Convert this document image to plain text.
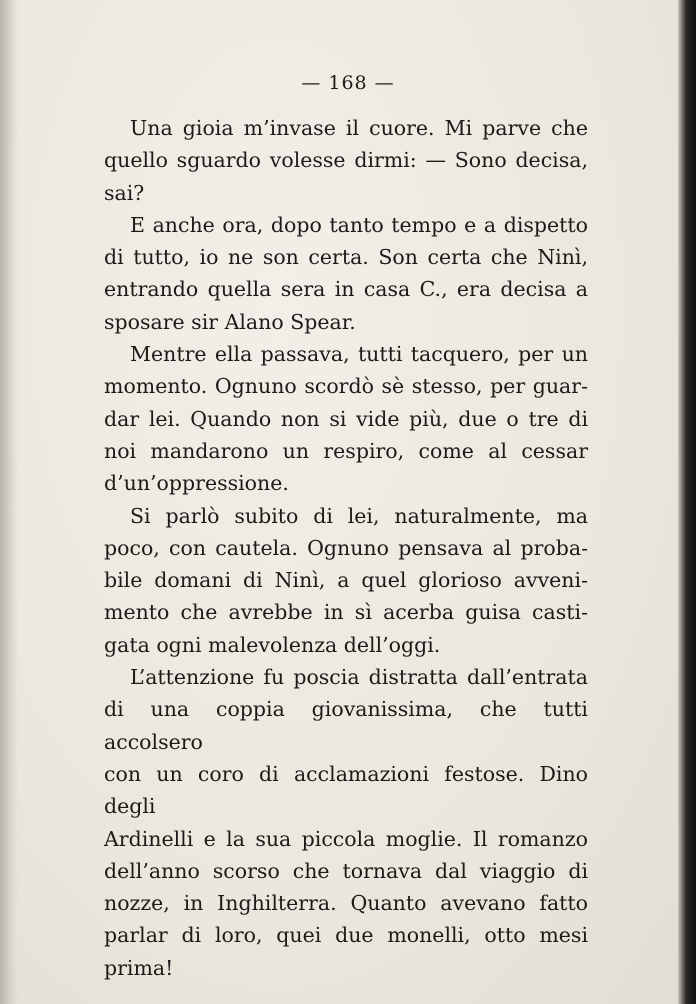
— 168 —

Una gioia m’invase il cuore. Mi parve che
quello sguardo volesse dirmi: — Sono decisa,
sai?

E anche ora, dopo tanto tempo e a dispetto
di tutto, io ne son certa. Son certa che Ninì,
entrando quella sera in casa C., era decisa a
sposare sir Alano Spear.

Mentre ella passava, tutti tacquero, per un
momento. Ognuno scordò sè stesso, per guar-
dar lei. Quando non si vide più, due o tre di
noi mandarono un respiro, come al cessar
d’un’oppressione.

Si parlò subito di lei, naturalmente, ma
poco, con cautela. Ognuno pensava al proba-
bile domani di Ninì, a quel glorioso avveni-
mento che avrebbe in sì acerba guisa casti-
gata ogni malevolenza dell’oggi.

L’attenzione fu poscia distratta dall’entrata
di una coppia giovanissima, che tutti accolsero
con un coro di acclamazioni festose. Dino degli
Ardinelli e la sua piccola moglie. Il romanzo
dell’anno scorso che tornava dal viaggio di
nozze, in Inghilterra. Quanto avevano fatto
parlar di loro, quei due monelli, otto mesi prima!
